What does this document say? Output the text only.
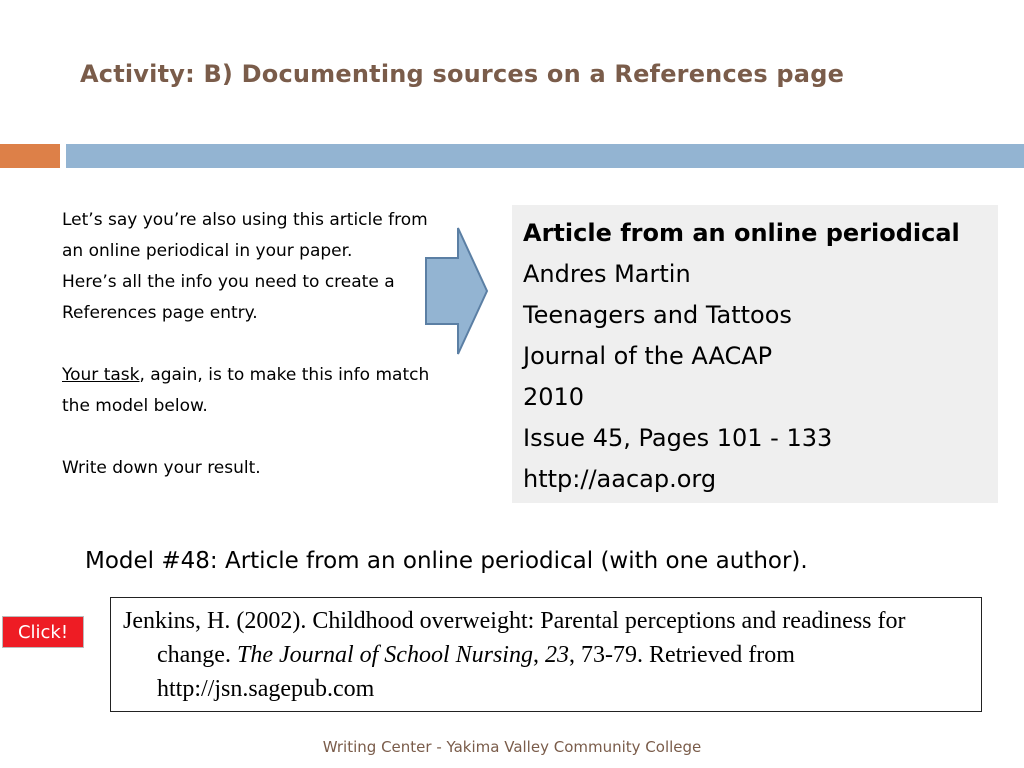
Activity: B) Documenting sources on a References page

Let’s say you’re also using this article from an online periodical in your paper.

Here’s all the info you need to create a References page entry.

Your task, again, is to make this info match the model below.

Write down your result.

Article from an online periodical
Andres Martin
Teenagers and Tattoos
Journal of the AACAP
2010
Issue 45, Pages 101 - 133
http://aacap.org
Model #48: Article from an online periodical (with one author).
Click!	Jenkins, H. (2002). Childhood overweight: Parental perceptions and readiness for change. The Journal of School Nursing, 23, 73-79. Retrieved from http://jsn.sagepub.com
Writing Center - Yakima Valley Community College
